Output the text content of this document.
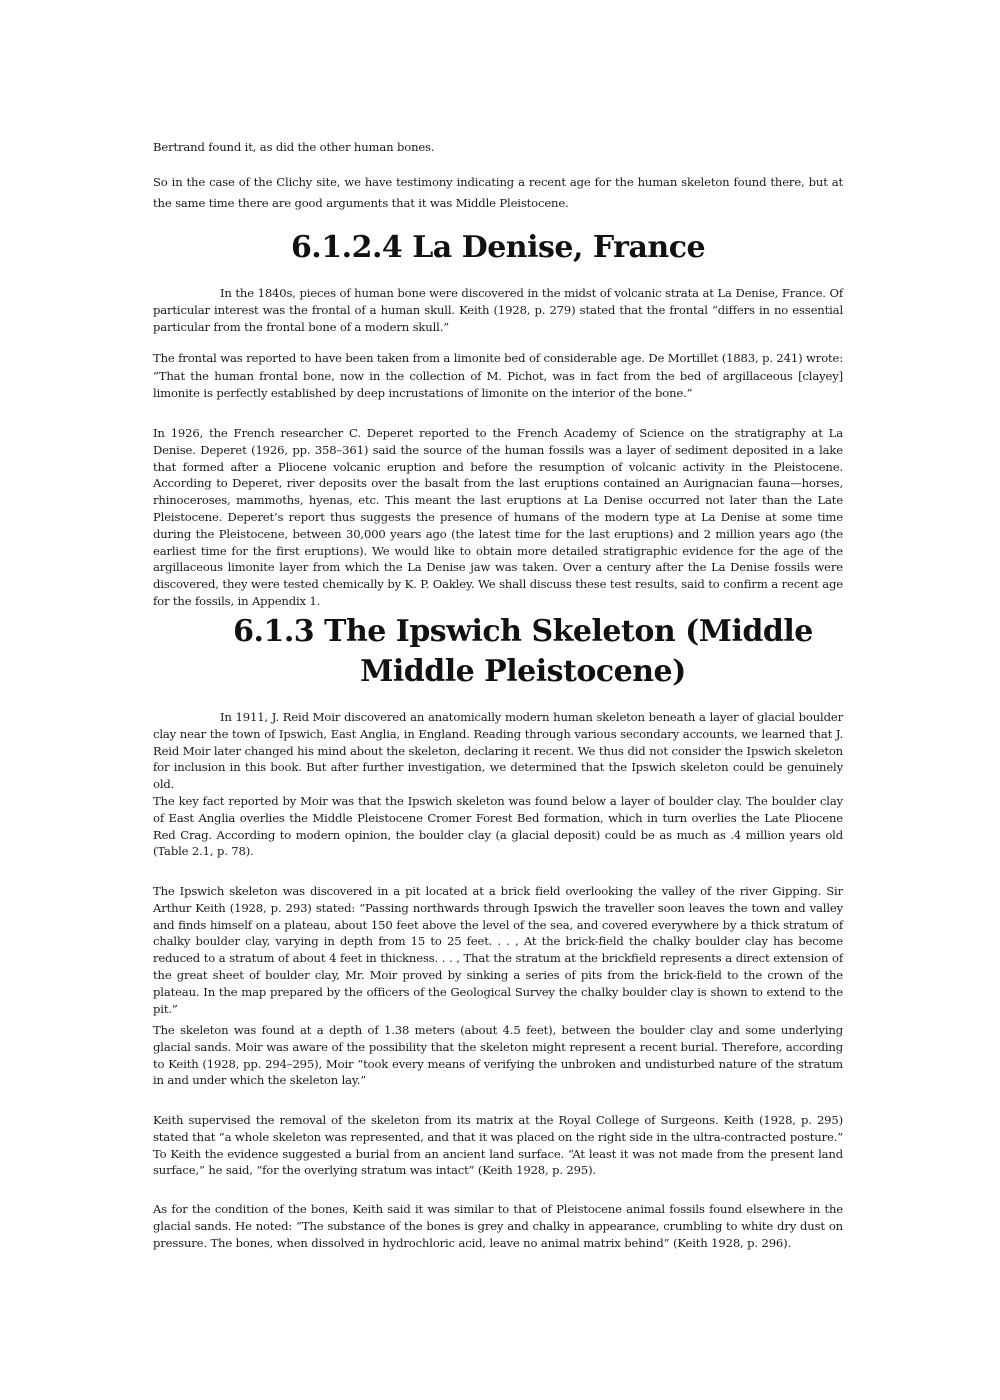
Bertrand found it, as did the other human bones.

So in the case of the Clichy site, we have testimony indicating a recent age for the human skeleton found there, but at the same time there are good arguments that it was Middle Pleistocene.

6.1.2.4 La Denise, France

In the 1840s, pieces of human bone were discovered in the midst of volcanic strata at La Denise, France. Of particular interest was the frontal of a human skull. Keith (1928, p. 279) stated that the frontal “differs in no essential particular from the frontal bone of a modern skull.”

The frontal was reported to have been taken from a limonite bed of considerable age. De Mortillet (1883, p. 241) wrote: “That the human frontal bone, now in the collection of M. Pichot, was in fact from the bed of argillaceous [clayey] limonite is perfectly established by deep incrustations of limonite on the interior of the bone.”

In 1926, the French researcher C. Deperet reported to the French Academy of Science on the stratigraphy at La Denise. Deperet (1926, pp. 358–361) said the source of the human fossils was a layer of sediment deposited in a lake that formed after a Pliocene volcanic eruption and before the resumption of volcanic activity in the Pleistocene. According to Deperet, river deposits over the basalt from the last eruptions contained an Aurignacian fauna—horses, rhinoceroses, mammoths, hyenas, etc. This meant the last eruptions at La Denise occurred not later than the Late Pleistocene. Deperet’s report thus suggests the presence of humans of the modern type at La Denise at some time during the Pleistocene, between 30,000 years ago (the latest time for the last eruptions) and 2 million years ago (the earliest time for the first eruptions). We would like to obtain more detailed stratigraphic evidence for the age of the argillaceous limonite layer from which the La Denise jaw was taken. Over a century after the La Denise fossils were discovered, they were tested chemically by K. P. Oakley. We shall discuss these test results, said to confirm a recent age for the fossils, in Appendix 1.

6.1.3 The Ipswich Skeleton (Middle Middle Pleistocene)

In 1911, J. Reid Moir discovered an anatomically modern human skeleton beneath a layer of glacial boulder clay near the town of Ipswich, East Anglia, in England. Reading through various secondary accounts, we learned that J. Reid Moir later changed his mind about the skeleton, declaring it recent. We thus did not consider the Ipswich skeleton for inclusion in this book. But after further investigation, we determined that the Ipswich skeleton could be genuinely old.

The key fact reported by Moir was that the Ipswich skeleton was found below a layer of boulder clay. The boulder clay of East Anglia overlies the Middle Pleistocene Cromer Forest Bed formation, which in turn overlies the Late Pliocene Red Crag. According to modern opinion, the boulder clay (a glacial deposit) could be as much as .4 million years old (Table 2.1, p. 78).

The Ipswich skeleton was discovered in a pit located at a brick field overlooking the valley of the river Gipping. Sir Arthur Keith (1928, p. 293) stated: “Passing northwards through Ipswich the traveller soon leaves the town and valley and finds himself on a plateau, about 150 feet above the level of the sea, and covered everywhere by a thick stratum of chalky boulder clay, varying in depth from 15 to 25 feet. . . , At the brick-field the chalky boulder clay has become reduced to a stratum of about 4 feet in thickness. . . , That the stratum at the brickfield represents a direct extension of the great sheet of boulder clay, Mr. Moir proved by sinking a series of pits from the brick-field to the crown of the plateau. In the map prepared by the officers of the Geological Survey the chalky boulder clay is shown to extend to the pit.”

The skeleton was found at a depth of 1.38 meters (about 4.5 feet), between the boulder clay and some underlying glacial sands. Moir was aware of the possibility that the skeleton might represent a recent burial. Therefore, according to Keith (1928, pp. 294–295), Moir “took every means of verifying the unbroken and undisturbed nature of the stratum in and under which the skeleton lay.”

Keith supervised the removal of the skeleton from its matrix at the Royal College of Surgeons. Keith (1928, p. 295) stated that “a whole skeleton was represented, and that it was placed on the right side in the ultra-contracted posture.” To Keith the evidence suggested a burial from an ancient land surface. “At least it was not made from the present land surface,” he said, “for the overlying stratum was intact” (Keith 1928, p. 295).

As for the condition of the bones, Keith said it was similar to that of Pleistocene animal fossils found elsewhere in the glacial sands. He noted: “The substance of the bones is grey and chalky in appearance, crumbling to white dry dust on pressure. The bones, when dissolved in hydrochloric acid, leave no animal matrix behind” (Keith 1928, p. 296).
